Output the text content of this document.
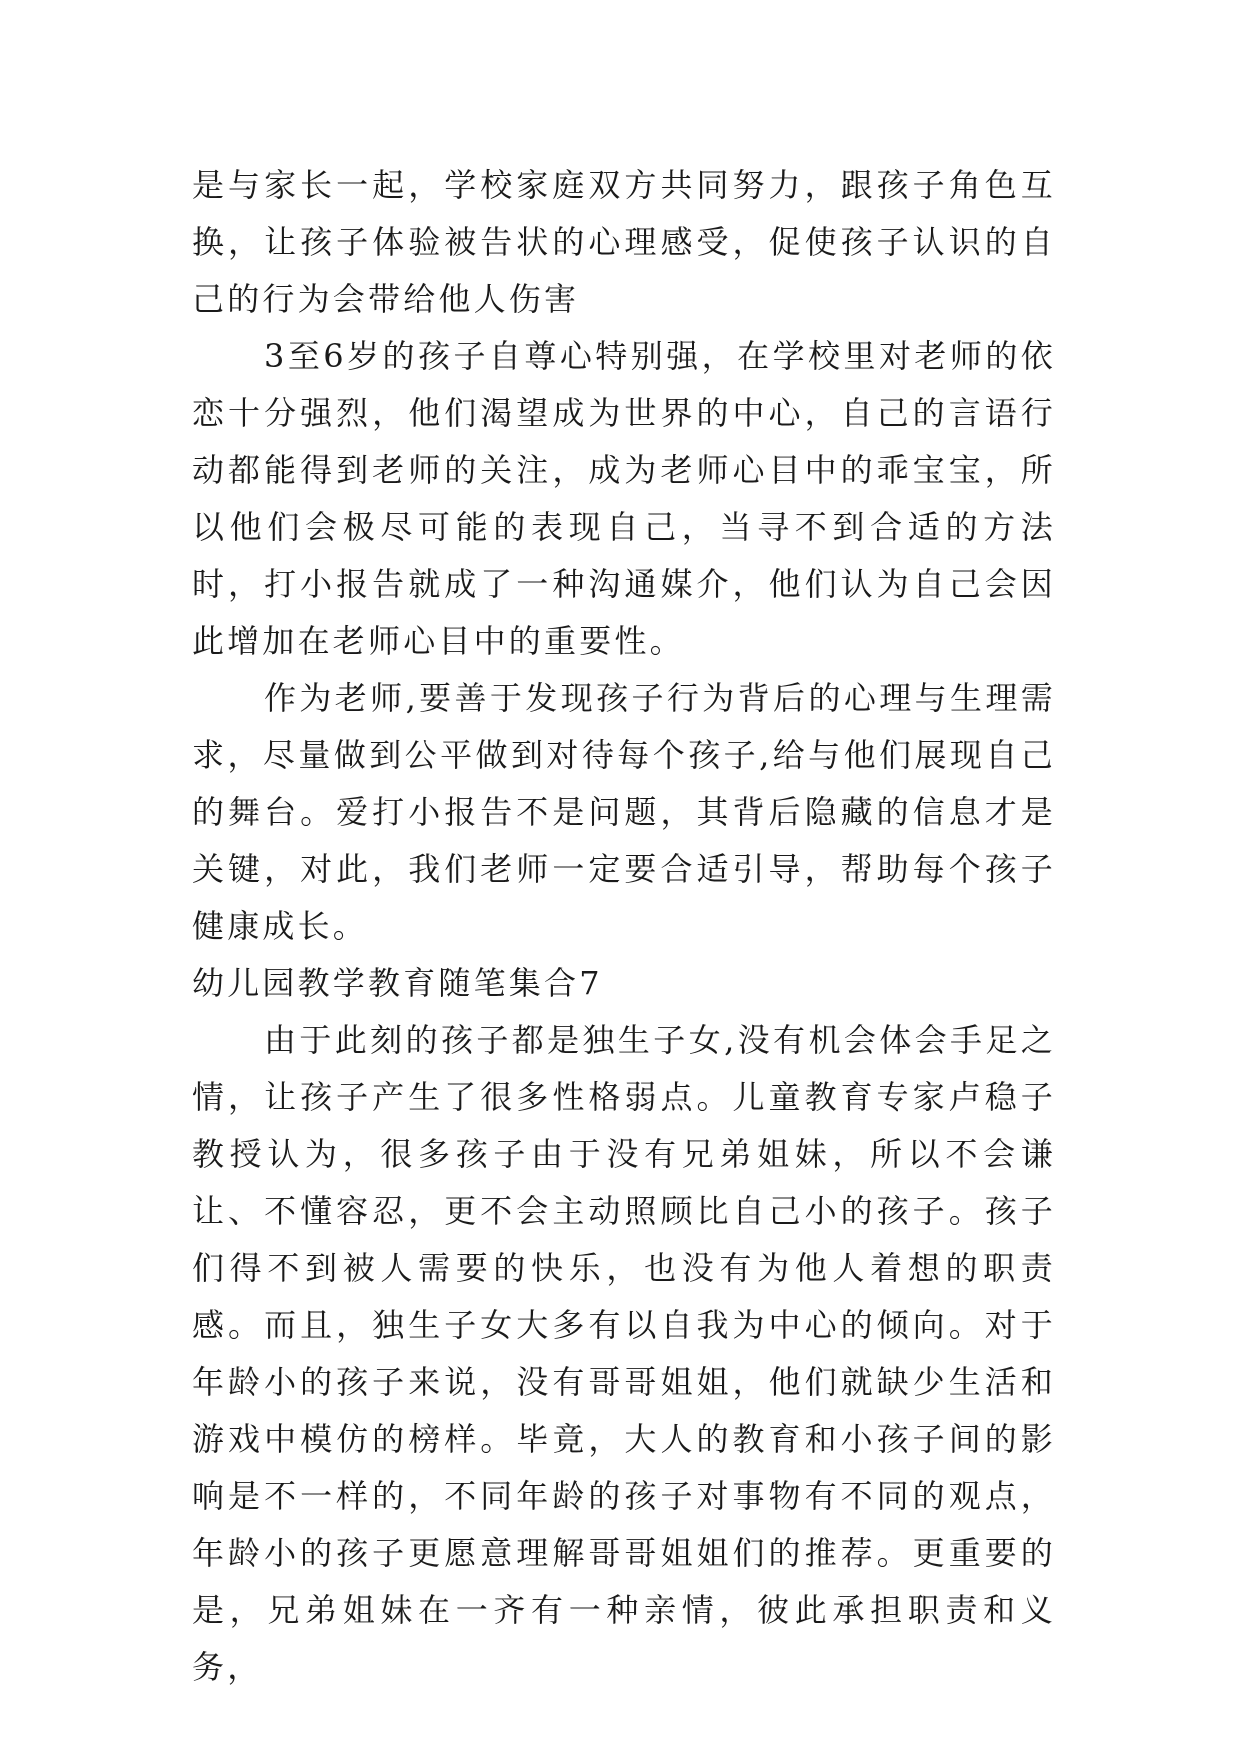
是与家长一起，学校家庭双方共同努力，跟孩子角色互换，让孩子体验被告状的心理感受，促使孩子认识的自己的行为会带给他人伤害

3至6岁的孩子自尊心特别强，在学校里对老师的依恋十分强烈，他们渴望成为世界的中心，自己的言语行动都能得到老师的关注，成为老师心目中的乖宝宝，所以他们会极尽可能的表现自己，当寻不到合适的方法时，打小报告就成了一种沟通媒介，他们认为自己会因此增加在老师心目中的重要性。

作为老师,要善于发现孩子行为背后的心理与生理需求，尽量做到公平做到对待每个孩子,给与他们展现自己的舞台。爱打小报告不是问题，其背后隐藏的信息才是关键，对此，我们老师一定要合适引导，帮助每个孩子健康成长。

幼儿园教学教育随笔集合7

由于此刻的孩子都是独生子女,没有机会体会手足之情，让孩子产生了很多性格弱点。儿童教育专家卢稳子教授认为，很多孩子由于没有兄弟姐妹，所以不会谦让、不懂容忍，更不会主动照顾比自己小的孩子。孩子们得不到被人需要的快乐，也没有为他人着想的职责感。而且，独生子女大多有以自我为中心的倾向。对于年龄小的孩子来说，没有哥哥姐姐，他们就缺少生活和游戏中模仿的榜样。毕竟，大人的教育和小孩子间的影响是不一样的，不同年龄的孩子对事物有不同的观点，年龄小的孩子更愿意理解哥哥姐姐们的推荐。更重要的是，兄弟姐妹在一齐有一种亲情，彼此承担职责和义务，
